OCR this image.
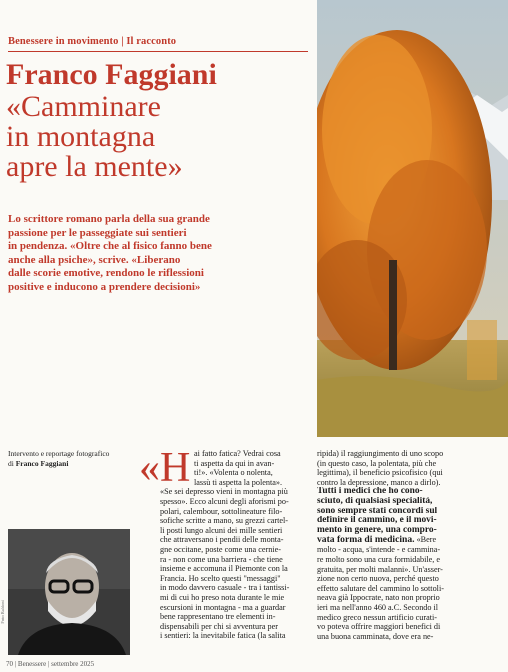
Benessere in movimento | Il racconto
Franco Faggiani
«Camminare
in montagna
apre la mente»
Lo scrittore romano parla della sua grande
passione per le passeggiate sui sentieri
in pendenza. «Oltre che al fisico fanno bene
anche alla psiche», scrive. «Liberano
dalle scorie emotive, rendono le riflessioni
positive e inducono a prendere decisioni»
Intervento e reportage fotografico
di Franco Faggiani
Foto Baldoni
«H ai fatto fatica? Vedrai cosa
ti aspetta da qui in avan-
ti!». «Volenta o nolenta,
lassù ti aspetta la polenta».
«Se sei depresso vieni in montagna più
spesso». Ecco alcuni degli aforismi po-
polari, calembour, sottolineature filo-
sofiche scritte a mano, su grezzi cartel-
li posti lungo alcuni dei mille sentieri
che attraversano i pendii delle monta-
gne occitane, poste come una cernie-
ra - non come una barriera - che tiene
insieme e accomuna il Piemonte con la
Francia. Ho scelto questi "messaggi"
in modo davvero casuale - tra i tantissi-
mi di cui ho preso nota durante le mie
escursioni in montagna - ma a guardar
bene rappresentano tre elementi in-
dispensabili per chi si avventura per
i sentieri: la inevitabile fatica (la salita
ripida) il raggiungimento di uno scopo
(in questo caso, la polentata, più che
legittima), il beneficio psicofisico (qui
contro la depressione, manco a dirlo).
Tutti i medici che ho cono-
sciuto, di qualsiasi specialità,
sono sempre stati concordi sul
definire il cammino, e il movi-
mento in genere, una compro-
vata forma di medicina. «Bere
molto - acqua, s'intende - e cammina-
re molto sono una cura formidabile, e
gratuita, per molti malanni». Un'asser-
zione non certo nuova, perché questo
effetto salutare del cammino lo sottoli-
neava già Ippocrate, nato non proprio
ieri ma nell'anno 460 a.C. Secondo il
medico greco nessun artificio curati-
vo poteva offrire maggiori benefici di
una buona camminata, dove era ne-
70 | Benessere | settembre 2025
